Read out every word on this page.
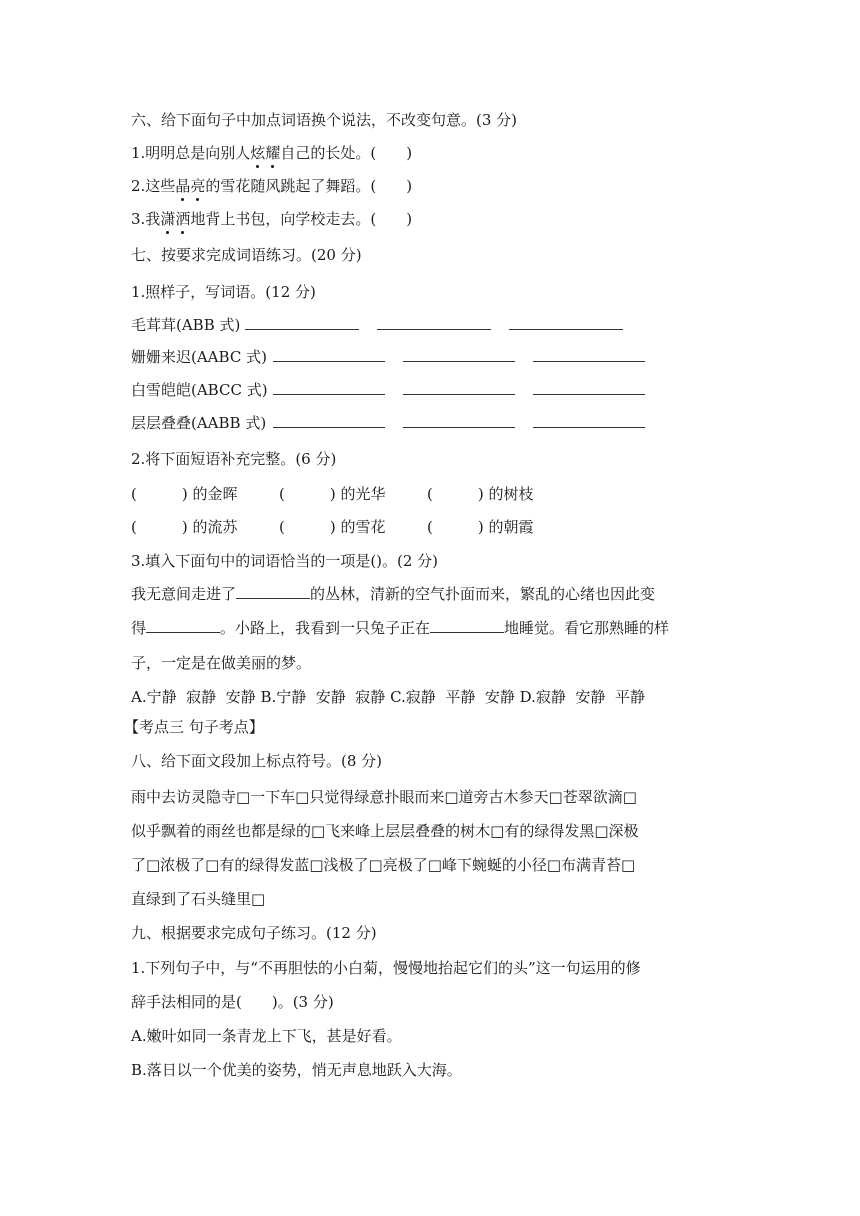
六、给下面句子中加点词语换个说法，不改变句意。(3 分)
1.明明总是向别人炫耀自己的长处。(　　)
2.这些晶亮的雪花随风跳起了舞蹈。(　　)
3.我潇洒地背上书包，向学校走去。(　　)
七、按要求完成词语练习。(20 分)
1.照样子，写词语。(12 分)
毛茸茸(ABB 式)
姗姗来迟(AABC 式)
白雪皑皑(ABCC 式)
层层叠叠(AABB 式)
2.将下面短语补充完整。(6 分)
(　　　) 的金晖	(　　　) 的光华	(　　　) 的树枝
(　　　) 的流苏	(　　　) 的雪花	(　　　) 的朝霞
3.填入下面句中的词语恰当的一项是()。(2 分)
我无意间走进了	的丛林，清新的空气扑面而来，繁乱的心绪也因此变
得	。小路上，我看到一只兔子正在	地睡觉。看它那熟睡的样
子，一定是在做美丽的梦。
A.宁静  寂静  安静 B.宁静  安静  寂静 C.寂静  平静  安静 D.寂静  安静  平静
【考点三 句子考点】
八、给下面文段加上标点符号。(8 分)
雨中去访灵隐寺□一下车□只觉得绿意扑眼而来□道旁古木参天□苍翠欲滴□
似乎飘着的雨丝也都是绿的□飞来峰上层层叠叠的树木□有的绿得发黑□深极
了□浓极了□有的绿得发蓝□浅极了□亮极了□峰下蜿蜒的小径□布满青苔□
直绿到了石头缝里□
九、根据要求完成句子练习。(12 分)
1.下列句子中，与“不再胆怯的小白菊，慢慢地抬起它们的头”这一句运用的修
辞手法相同的是(　　)。(3 分)
A.嫩叶如同一条青龙上下飞，甚是好看。
B.落日以一个优美的姿势，悄无声息地跃入大海。
